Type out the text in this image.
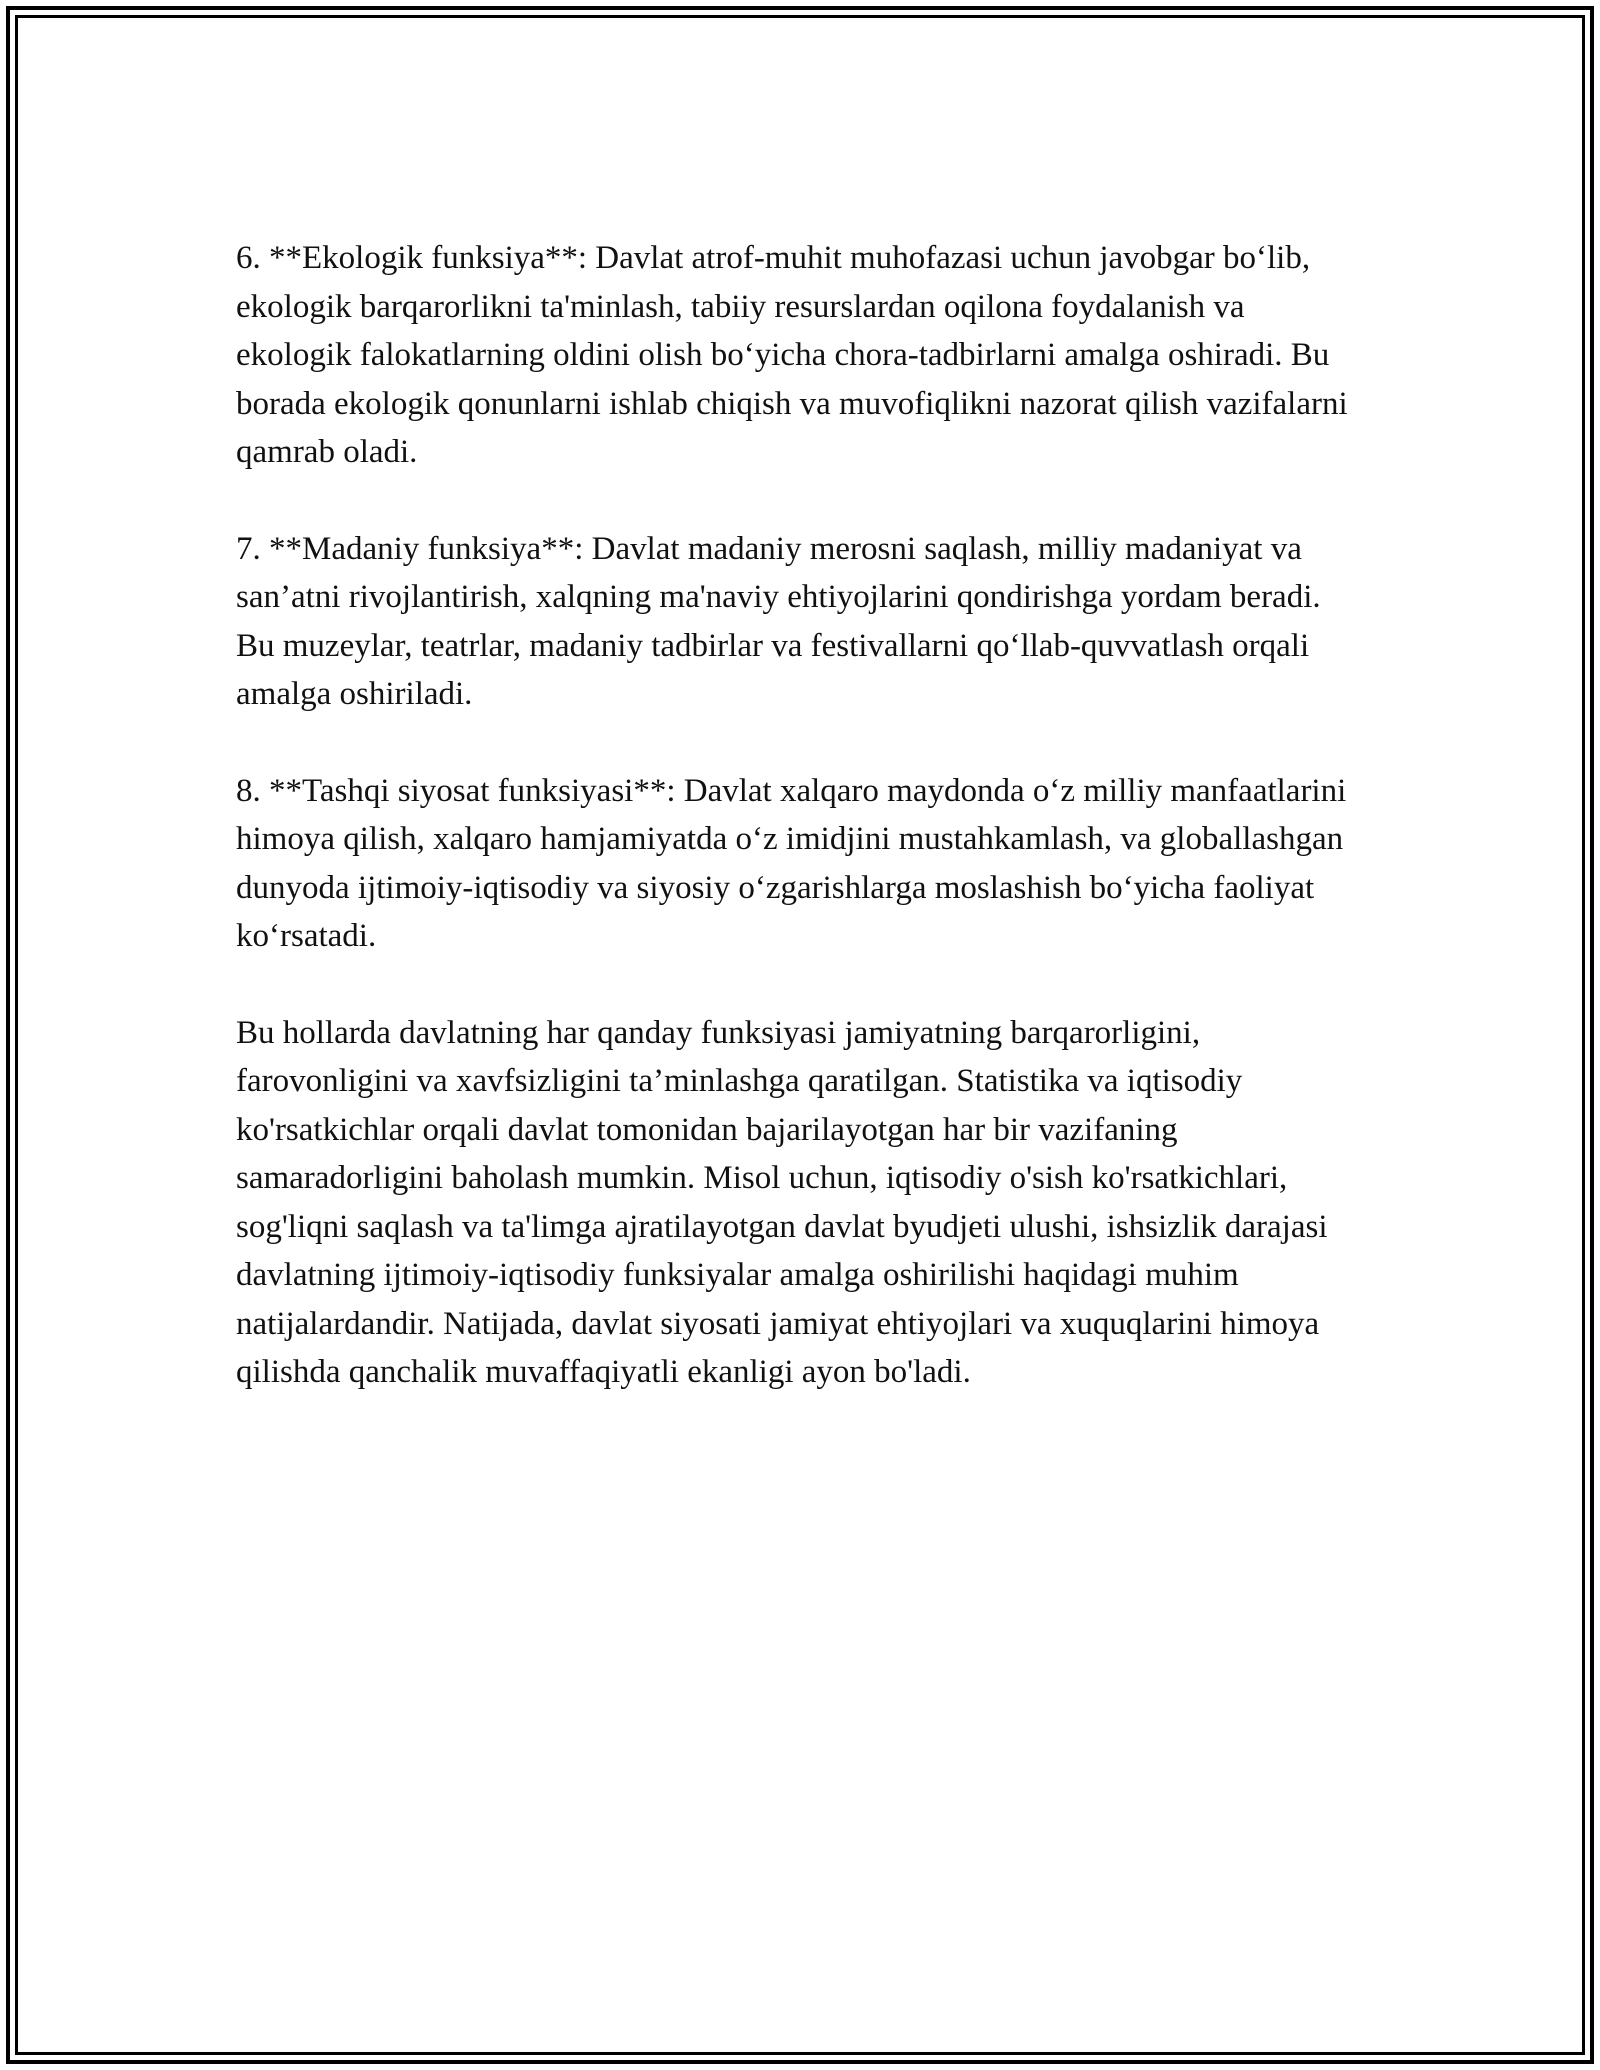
6. **Ekologik funksiya**: Davlat atrof-muhit muhofazasi uchun javobgar bo‘lib, ekologik barqarorlikni ta'minlash, tabiiy resurslardan oqilona foydalanish va ekologik falokatlarning oldini olish bo‘yicha chora-tadbirlarni amalga oshiradi. Bu borada ekologik qonunlarni ishlab chiqish va muvofiqlikni nazorat qilish vazifalarni qamrab oladi.

7. **Madaniy funksiya**: Davlat madaniy merosni saqlash, milliy madaniyat va san’atni rivojlantirish, xalqning ma'naviy ehtiyojlarini qondirishga yordam beradi. Bu muzeylar, teatrlar, madaniy tadbirlar va festivallarni qo‘llab-quvvatlash orqali amalga oshiriladi.

8. **Tashqi siyosat funksiyasi**: Davlat xalqaro maydonda o‘z milliy manfaatlarini himoya qilish, xalqaro hamjamiyatda o‘z imidjini mustahkamlash, va globallashgan dunyoda ijtimoiy-iqtisodiy va siyosiy o‘zgarishlarga moslashish bo‘yicha faoliyat ko‘rsatadi.

Bu hollarda davlatning har qanday funksiyasi jamiyatning barqarorligini, farovonligini va xavfsizligini ta’minlashga qaratilgan. Statistika va iqtisodiy ko'rsatkichlar orqali davlat tomonidan bajarilayotgan har bir vazifaning samaradorligini baholash mumkin. Misol uchun, iqtisodiy o'sish ko'rsatkichlari, sog'liqni saqlash va ta'limga ajratilayotgan davlat byudjeti ulushi, ishsizlik darajasi davlatning ijtimoiy-iqtisodiy funksiyalar amalga oshirilishi haqidagi muhim natijalardandir. Natijada, davlat siyosati jamiyat ehtiyojlari va xuquqlarini himoya qilishda qanchalik muvaffaqiyatli ekanligi ayon bo'ladi.
